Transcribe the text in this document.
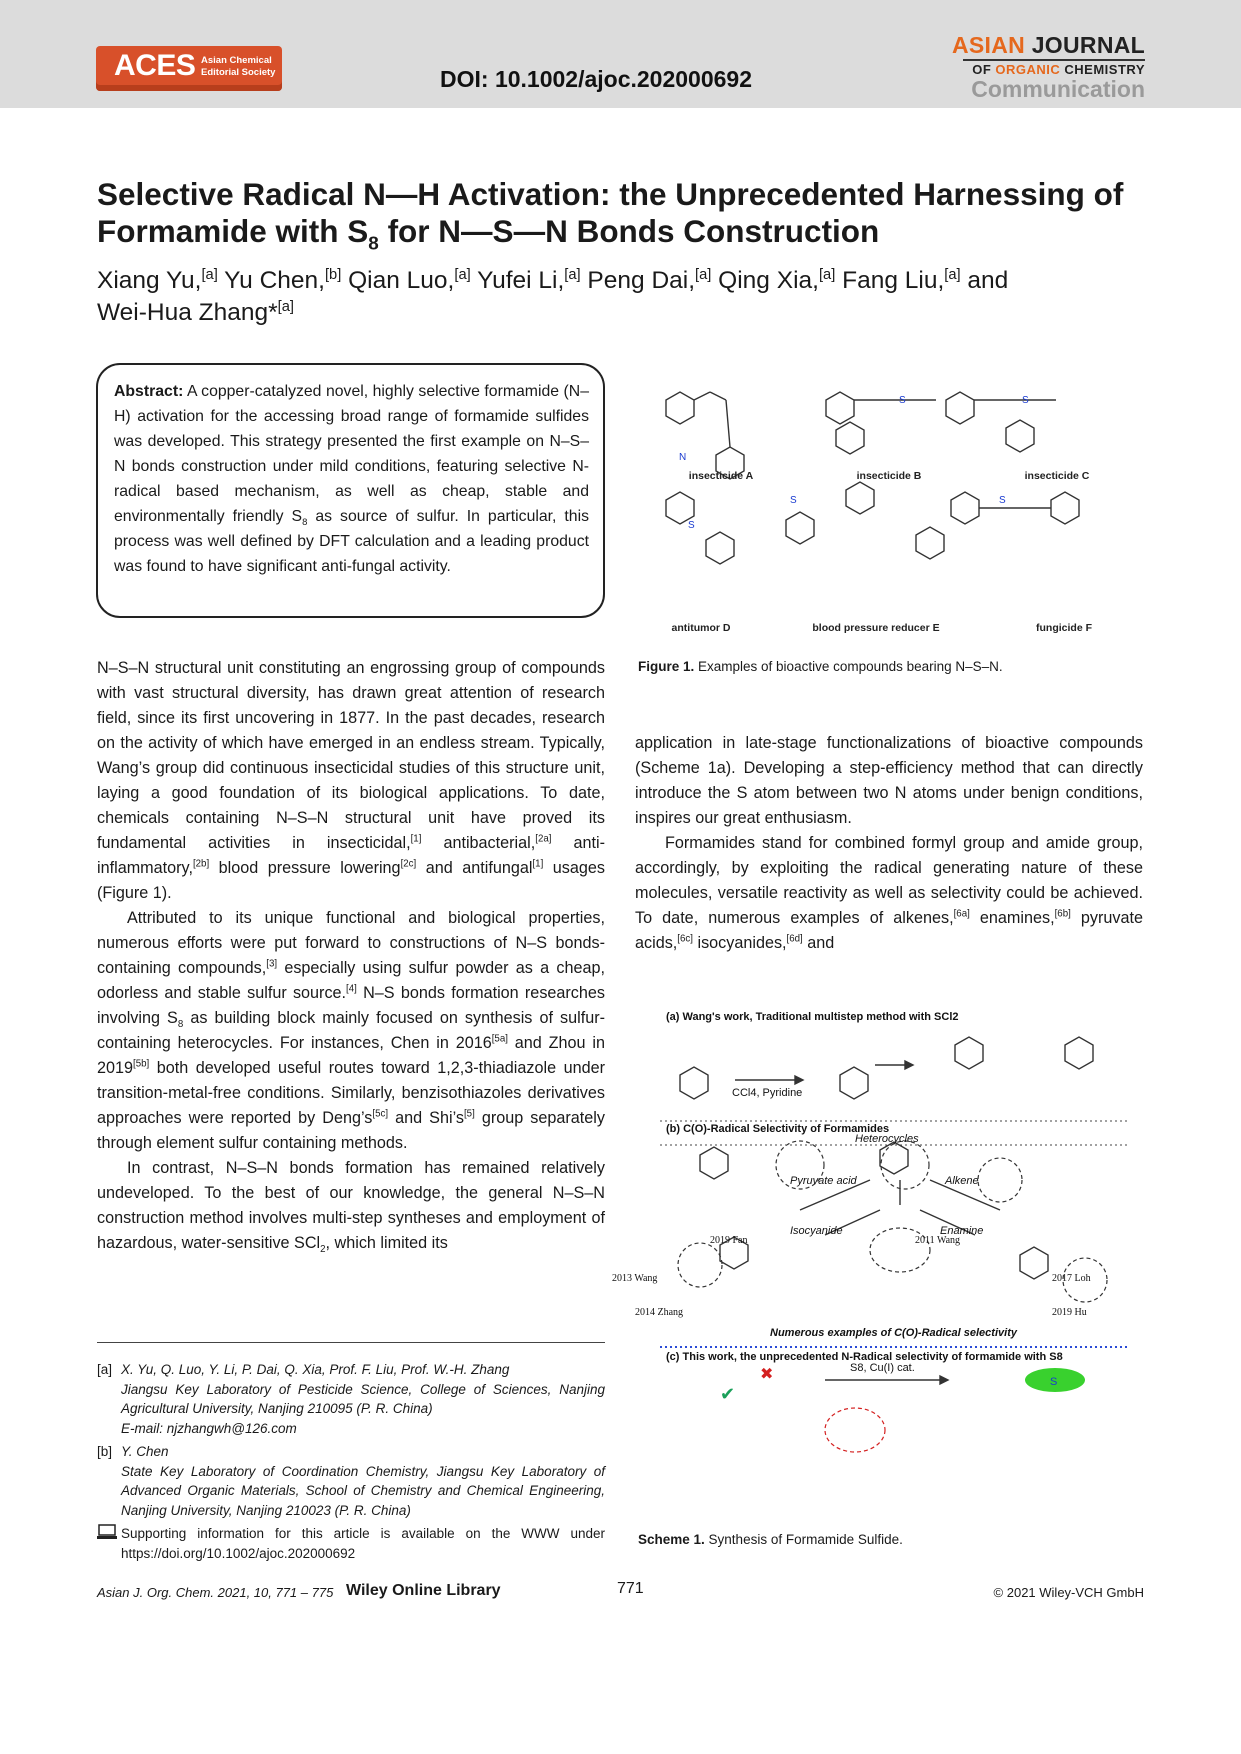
ACES Asian Chemical Editorial Society	DOI: 10.1002/ajoc.202000692
ASIAN JOURNAL
OF ORGANIC CHEMISTRY
Communication
Selective Radical N—H Activation: the Unprecedented Harnessing of
Formamide with $S_8$ for N—S—N Bonds Construction
Xiang Yu,[a] Yu Chen,[b] Qian Luo,[a] Yufei Li,[a] Peng Dai,[a] Qing Xia,[a] Fang Liu,[a] and
Wei-Hua Zhang*[a]
Abstract: A copper-catalyzed novel, highly selective formamide (N–H) activation for the accessing broad range of formamide sulfides was developed. This strategy presented the first example on N–S–N bonds construction under mild conditions, featuring selective N-radical based mechanism, as well as cheap, stable and environmentally friendly $S_8$ as source of sulfur. In particular, this process was well defined by DFT calculation and a leading product was found to have significant anti-fungal activity.
N
S
S	S
S
S
insecticide A	insecticide B	insecticide C
antitumor D	blood pressure reducer E	fungicide F
Figure 1. Examples of bioactive compounds bearing N–S–N.

N–S–N structural unit constituting an engrossing group of compounds with vast structural diversity, has drawn great attention of research field, since its first uncovering in 1877. In the past decades, research on the activity of which have emerged in an endless stream. Typically, Wang’s group did continuous insecticidal studies of this structure unit, laying a good foundation of its biological applications. To date, chemicals containing N–S–N structural unit have proved its fundamental activities in insecticidal,[1] antibacterial,[2a] anti-inflammatory,[2b] blood pressure lowering[2c] and antifungal[1] usages (Figure 1).

Attributed to its unique functional and biological properties, numerous efforts were put forward to constructions of N–S bonds-containing compounds,[3] especially using sulfur powder as a cheap, odorless and stable sulfur source.[4] N–S bonds formation researches involving $S_8$ as building block mainly focused on synthesis of sulfur-containing heterocycles. For instances, Chen in 2016[5a] and Zhou in 2019[5b] both developed useful routes toward 1,2,3-thiadiazole under transition-metal-free conditions. Similarly, benzisothiazoles derivatives approaches were reported by Deng’s[5c] and Shi’s[5] group separately through element sulfur containing methods.

In contrast, N–S–N bonds formation has remained relatively undeveloped. To the best of our knowledge, the general N–S–N construction method involves multi-step syntheses and employment of hazardous, water-sensitive SCl$_2$, which limited its

application in late-stage functionalizations of bioactive compounds (Scheme 1a). Developing a step-efficiency method that can directly introduce the S atom between two N atoms under benign conditions, inspires our great enthusiasm.

Formamides stand for combined formyl group and amide group, accordingly, by exploiting the radical generating nature of these molecules, versatile reactivity as well as selectivity could be achieved. To date, numerous examples of alkenes,[6a] enamines,[6b] pyruvate acids,[6c] isocyanides,[6d] and

✖
✔
S
(a) Wang's work, Traditional multistep method with SCl2
(b) C(O)-Radical Selectivity of Formamides
(c) This work, the unprecedented N-Radical selectivity of formamide with S8
CCl4, Pyridine
S8, Cu(I) cat.
Heterocycles
Pyruvate acid	Alkene
Isocyanide	Enamine
Numerous examples of C(O)-Radical selectivity
2019 Fan	2011 Wang
2013 Wang	2017 Loh
2014 Zhang	2019 Hu
Scheme 1. Synthesis of Formamide Sulfide.
[a] X. Yu, Q. Luo, Y. Li, P. Dai, Q. Xia, Prof. F. Liu, Prof. W.-H. Zhang
Jiangsu Key Laboratory of Pesticide Science, College of Sciences, Nanjing Agricultural University, Nanjing 210095 (P. R. China)
E-mail: njzhangwh@126.com
[b] Y. Chen
State Key Laboratory of Coordination Chemistry, Jiangsu Key Laboratory of Advanced Organic Materials, School of Chemistry and Chemical Engineering, Nanjing University, Nanjing 210023 (P. R. China)
Supporting information for this article is available on the WWW under https://doi.org/10.1002/ajoc.202000692
Asian J. Org. Chem. 2021, 10, 771 – 775 Wiley Online Library	771	© 2021 Wiley-VCH GmbH
